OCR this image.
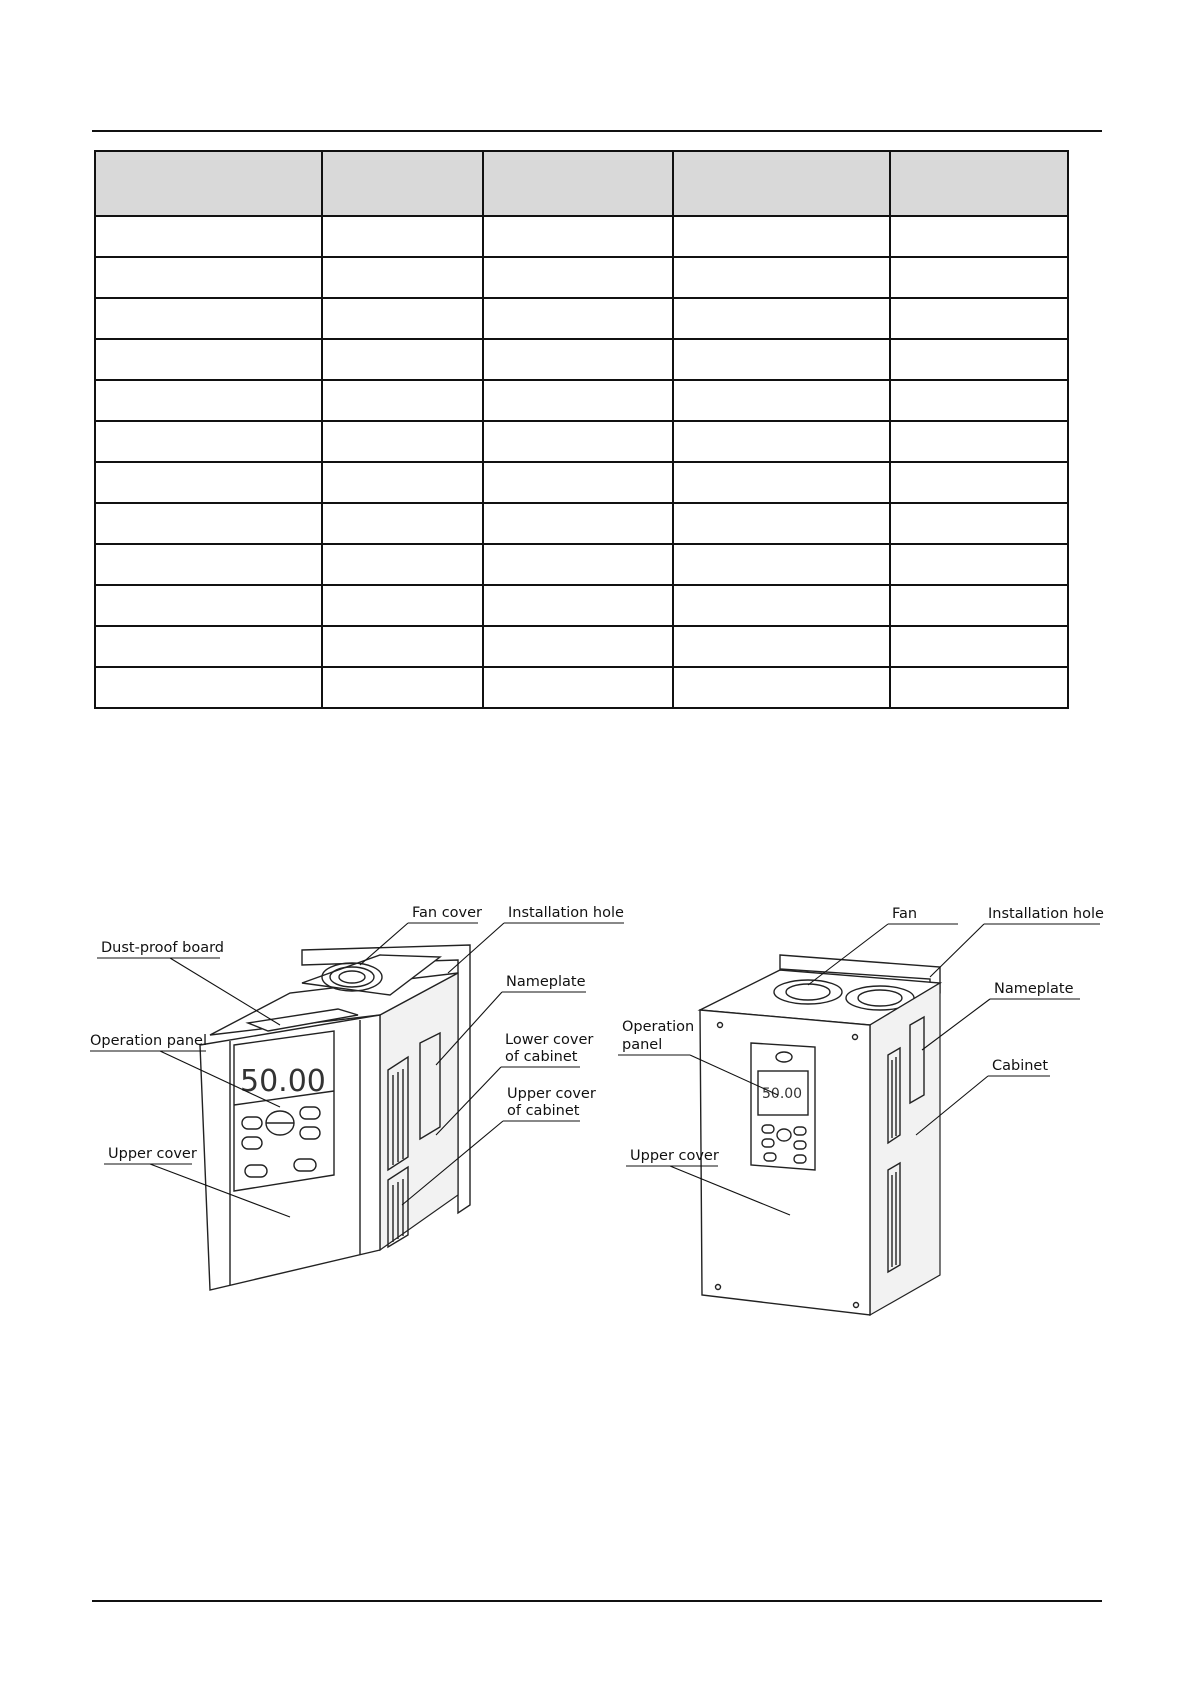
50.00
Fan cover Installation hole
Dust-proof board
Nameplate
Operation panel	Lower cover
of cabinet
Upper cover
of cabinet
Upper cover
50.00
Fan	Installation hole
Nameplate
Operation
panel
Cabinet
Upper cover
